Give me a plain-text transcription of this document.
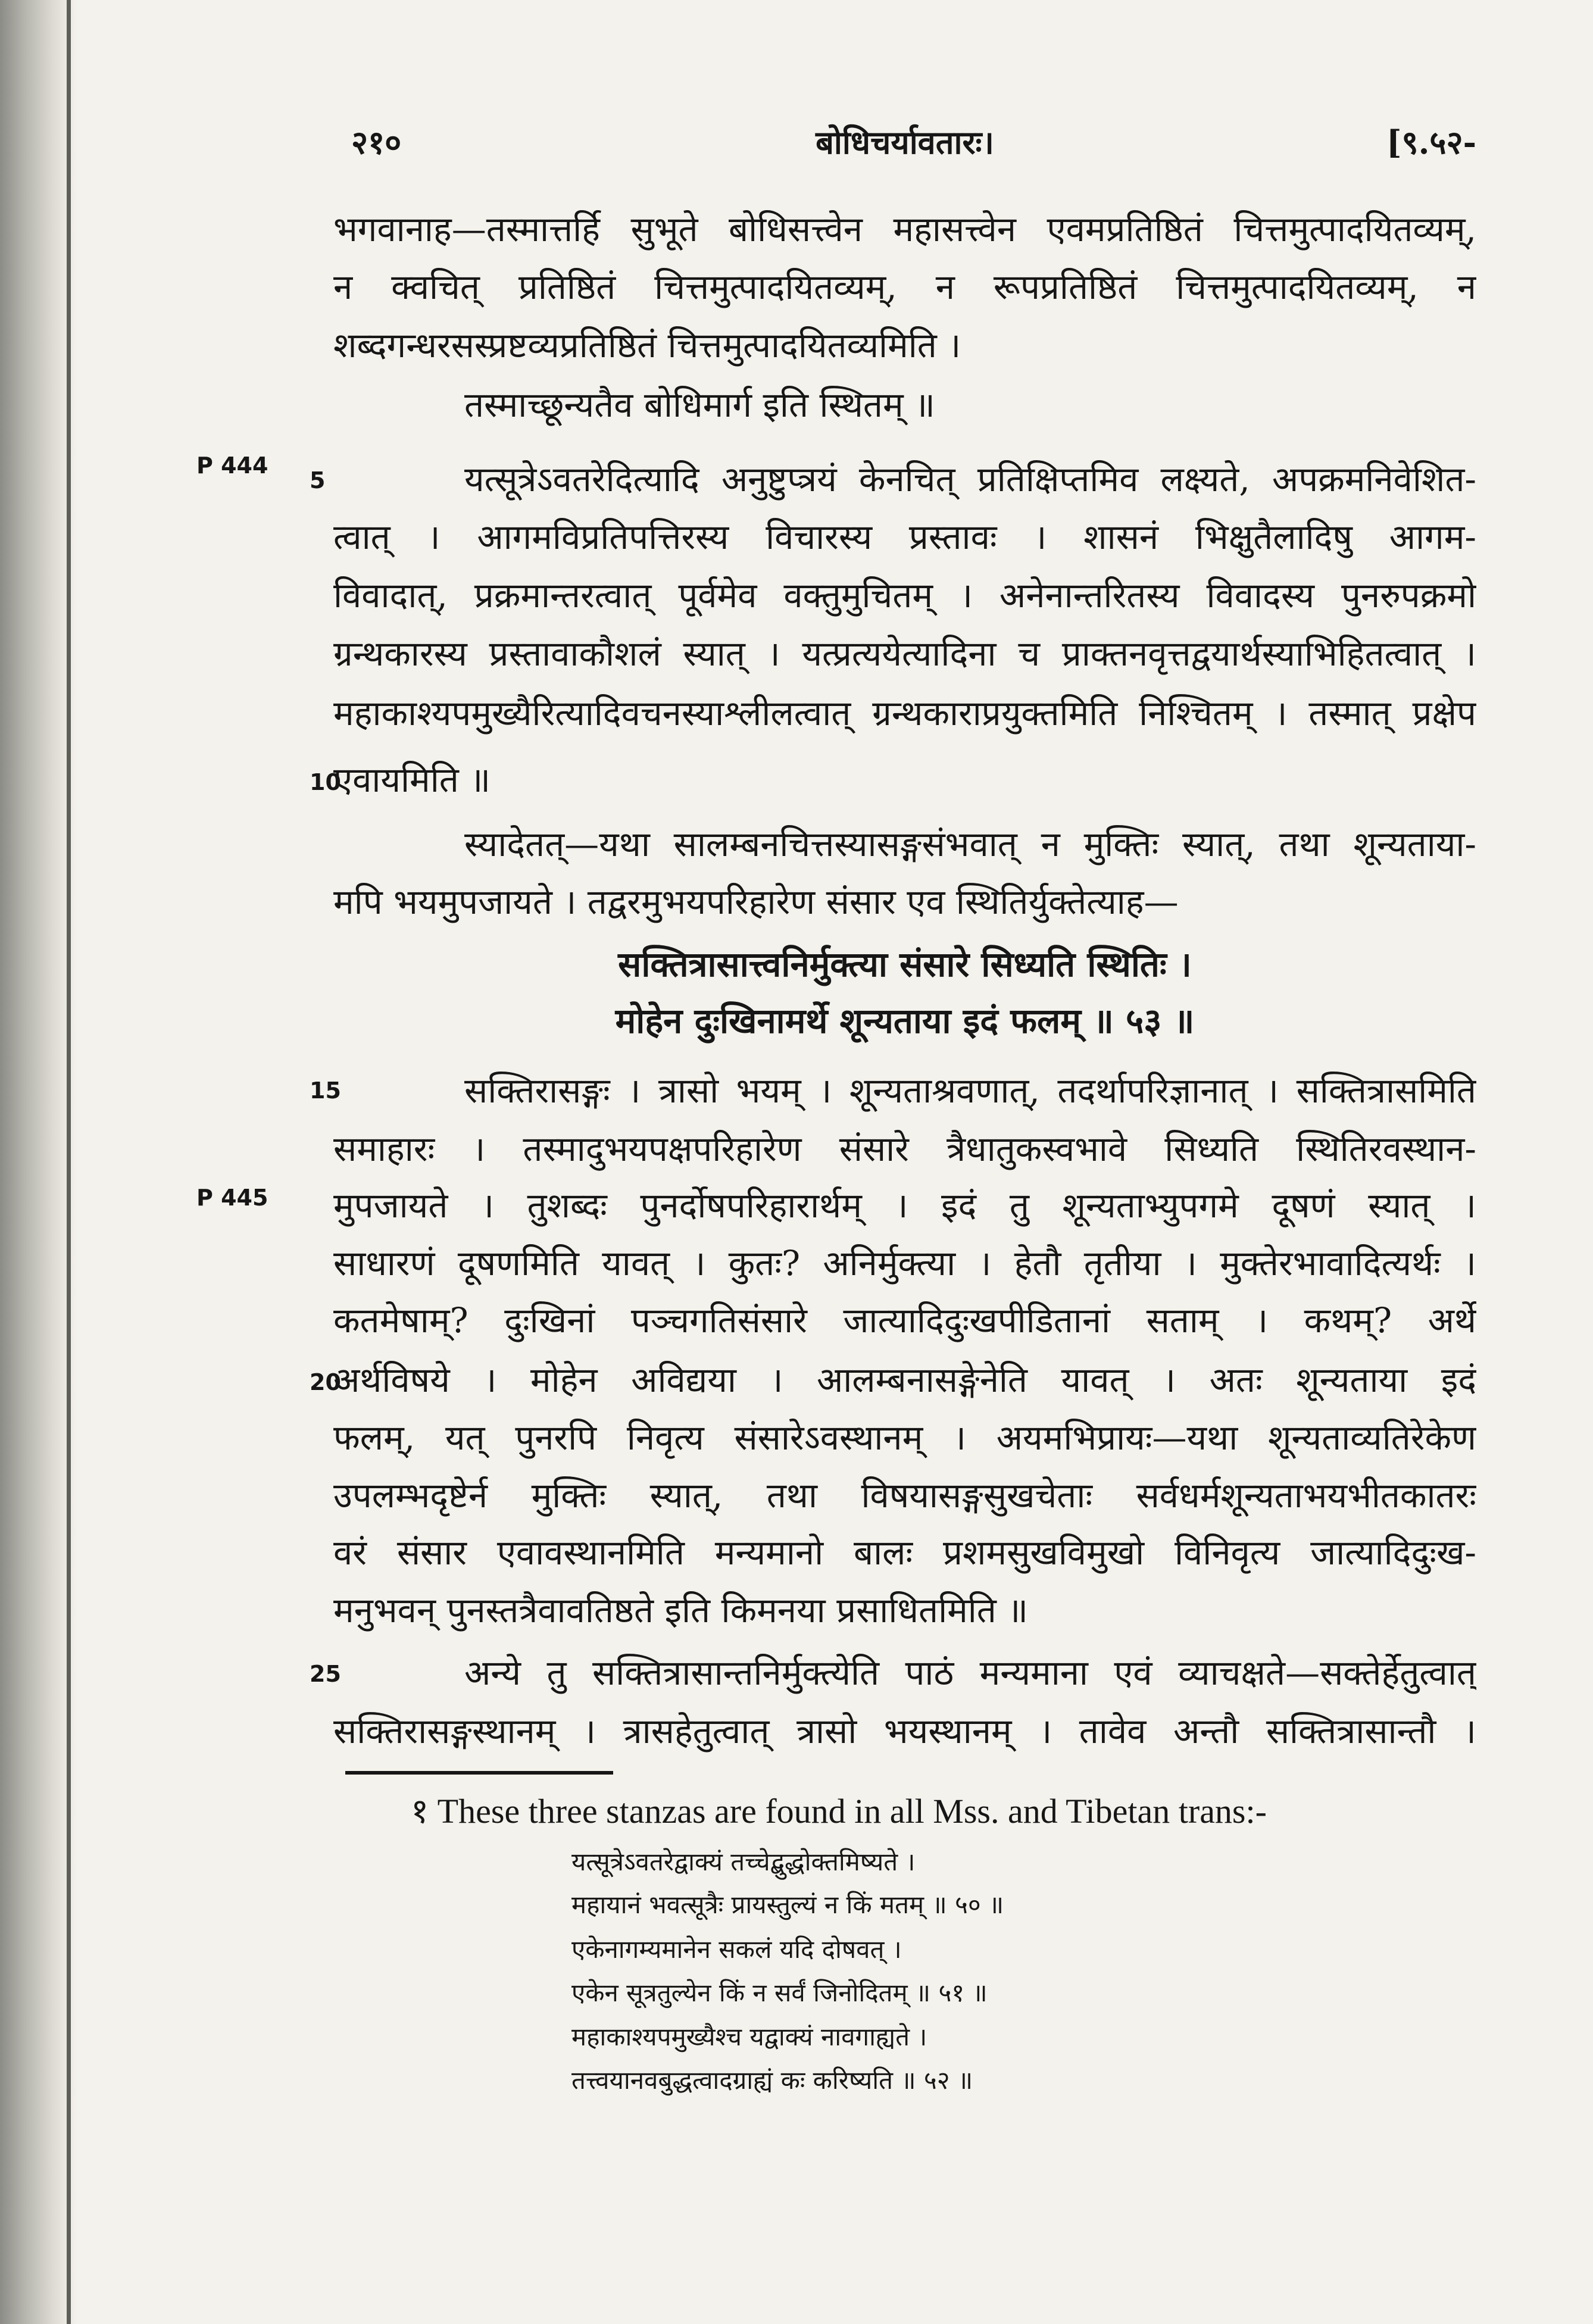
२१०	बोधिचर्यावतारः।	[९.५२-
P 444
P 445
5
10
15
20
25
भगवानाह—तस्मात्तर्हि सुभूते बोधिसत्त्वेन महासत्त्वेन एवमप्रतिष्ठितं चित्तमुत्पादयितव्यम्,
न क्वचित् प्रतिष्ठितं चित्तमुत्पादयितव्यम्, न रूपप्रतिष्ठितं चित्तमुत्पादयितव्यम्, न
शब्दगन्धरसस्प्रष्टव्यप्रतिष्ठितं चित्तमुत्पादयितव्यमिति ।
तस्माच्छून्यतैव बोधिमार्ग इति स्थितम् ॥
यत्सूत्रेऽवतरेदित्यादि अनुष्टुप्त्रयं केनचित् प्रतिक्षिप्तमिव लक्ष्यते, अपक्रमनिवेशित-
त्वात् । आगमविप्रतिपत्तिरस्य विचारस्य प्रस्तावः । शासनं भिक्षुतैलादिषु आगम-
विवादात्, प्रक्रमान्तरत्वात् पूर्वमेव वक्तुमुचितम् । अनेनान्तरितस्य विवादस्य पुनरुपक्रमो
ग्रन्थकारस्य प्रस्तावाकौशलं स्यात् । यत्प्रत्ययेत्यादिना च प्राक्तनवृत्तद्वयार्थस्याभिहितत्वात् ।
महाकाश्यपमुख्यैरित्यादिवचनस्याश्लीलत्वात् ग्रन्थकाराप्रयुक्तमिति निश्चितम् । तस्मात् प्रक्षेप
एवायमिति ॥
स्यादेतत्—यथा सालम्बनचित्तस्यासङ्गसंभवात् न मुक्तिः स्यात्, तथा शून्यताया-
मपि भयमुपजायते । तद्वरमुभयपरिहारेण संसार एव स्थितिर्युक्तेत्याह—
सक्तित्रासात्त्वनिर्मुक्त्या संसारे सिध्यति स्थितिः ।
मोहेन दुःखिनामर्थे शून्यताया इदं फलम् ॥ ५३ ॥
सक्तिरासङ्गः । त्रासो भयम् । शून्यताश्रवणात्, तदर्थापरिज्ञानात् । सक्तित्रासमिति
समाहारः । तस्मादुभयपक्षपरिहारेण संसारे त्रैधातुकस्वभावे सिध्यति स्थितिरवस्थान-
मुपजायते । तुशब्दः पुनर्दोषपरिहारार्थम् । इदं तु शून्यताभ्युपगमे दूषणं स्यात् ।
साधारणं दूषणमिति यावत् । कुतः? अनिर्मुक्त्या । हेतौ तृतीया । मुक्तेरभावादित्यर्थः ।
कतमेषाम्? दुःखिनां पञ्चगतिसंसारे जात्यादिदुःखपीडितानां सताम् । कथम्? अर्थे
अर्थविषये । मोहेन अविद्यया । आलम्बनासङ्गेनेति यावत् । अतः शून्यताया इदं
फलम्, यत् पुनरपि निवृत्य संसारेऽवस्थानम् । अयमभिप्रायः—यथा शून्यताव्यतिरेकेण
उपलम्भदृष्टेर्न मुक्तिः स्यात्, तथा विषयासङ्गसुखचेताः सर्वधर्मशून्यताभयभीतकातरः
वरं संसार एवावस्थानमिति मन्यमानो बालः प्रशमसुखविमुखो विनिवृत्य जात्यादिदुःख-
मनुभवन् पुनस्तत्रैवावतिष्ठते इति किमनया प्रसाधितमिति ॥
अन्ये तु सक्तित्रासान्तनिर्मुक्त्येति पाठं मन्यमाना एवं व्याचक्षते—सक्तेर्हेतुत्वात्
सक्तिरासङ्गस्थानम् । त्रासहेतुत्वात् त्रासो भयस्थानम् । तावेव अन्तौ सक्तित्रासान्तौ ।
१ These three stanzas are found in all Mss. and Tibetan trans:-
यत्सूत्रेऽवतरेद्वाक्यं तच्चेद्बुद्धोक्तमिष्यते ।
महायानं भवत्सूत्रैः प्रायस्तुल्यं न किं मतम् ॥ ५० ॥
एकेनागम्यमानेन सकलं यदि दोषवत् ।
एकेन सूत्रतुल्येन किं न सर्वं जिनोदितम् ॥ ५१ ॥
महाकाश्यपमुख्यैश्च यद्वाक्यं नावगाह्यते ।
तत्त्वयानवबुद्धत्वादग्राह्यं कः करिष्यति ॥ ५२ ॥
